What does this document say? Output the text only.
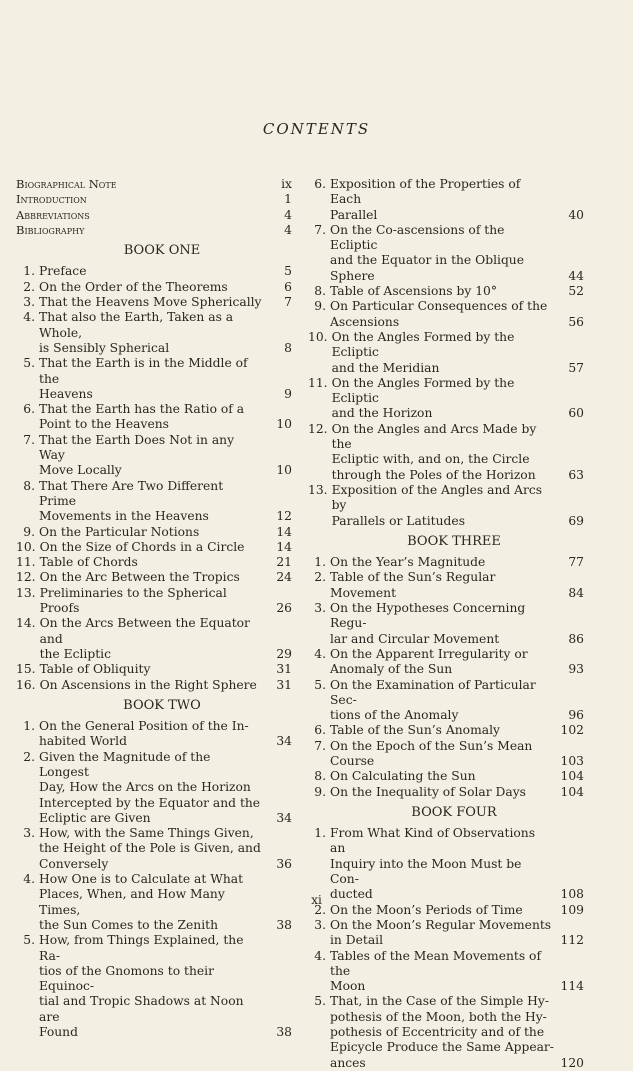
CONTENTS
Biographical Note	ix
Introduction	1
Abbreviations	4
Bibliography	4
BOOK ONE
1. Preface	5
2. On the Order of the Theorems	6
3. That the Heavens Move Spherically	7
4. That also the Earth, Taken as a Whole,
is Sensibly Spherical	8
5. That the Earth is in the Middle of the
Heavens	9
6. That the Earth has the Ratio of a
Point to the Heavens	10
7. That the Earth Does Not in any Way
Move Locally	10
8. That There Are Two Different Prime
Movements in the Heavens	12
9. On the Particular Notions	14
10. On the Size of Chords in a Circle	14
11. Table of Chords	21
12. On the Arc Between the Tropics	24
13. Preliminaries to the Spherical Proofs	26
14. On the Arcs Between the Equator and
the Ecliptic	29
15. Table of Obliquity	31
16. On Ascensions in the Right Sphere	31
BOOK TWO
1. On the General Position of the In-
habited World	34
2. Given the Magnitude of the Longest
Day, How the Arcs on the Horizon
Intercepted by the Equator and the
Ecliptic are Given	34
3. How, with the Same Things Given,
the Height of the Pole is Given, and
Conversely	36
4. How One is to Calculate at What
Places, When, and How Many Times,
the Sun Comes to the Zenith	38
5. How, from Things Explained, the Ra-
tios of the Gnomons to their Equinoc-
tial and Tropic Shadows at Noon are
Found	38
6. Exposition of the Properties of Each
Parallel	40
7. On the Co-ascensions of the Ecliptic
and the Equator in the Oblique Sphere	44
8. Table of Ascensions by 10°	52
9. On Particular Consequences of the
Ascensions	56
10. On the Angles Formed by the Ecliptic
and the Meridian	57
11. On the Angles Formed by the Ecliptic
and the Horizon	60
12. On the Angles and Arcs Made by the
Ecliptic with, and on, the Circle
through the Poles of the Horizon	63
13. Exposition of the Angles and Arcs by
Parallels or Latitudes	69
BOOK THREE
1. On the Year’s Magnitude	77
2. Table of the Sun’s Regular Movement	84
3. On the Hypotheses Concerning Regu-
lar and Circular Movement	86
4. On the Apparent Irregularity or
Anomaly of the Sun	93
5. On the Examination of Particular Sec-
tions of the Anomaly	96
6. Table of the Sun’s Anomaly	102
7. On the Epoch of the Sun’s Mean
Course	103
8. On Calculating the Sun	104
9. On the Inequality of Solar Days	104
BOOK FOUR
1. From What Kind of Observations an
Inquiry into the Moon Must be Con-
ducted	108
2. On the Moon’s Periods of Time	109
3. On the Moon’s Regular Movements
in Detail	112
4. Tables of the Mean Movements of the
Moon	114
5. That, in the Case of the Simple Hy-
pothesis of the Moon, both the Hy-
pothesis of Eccentricity and of the
Epicycle Produce the Same Appear-
ances	120
xi
